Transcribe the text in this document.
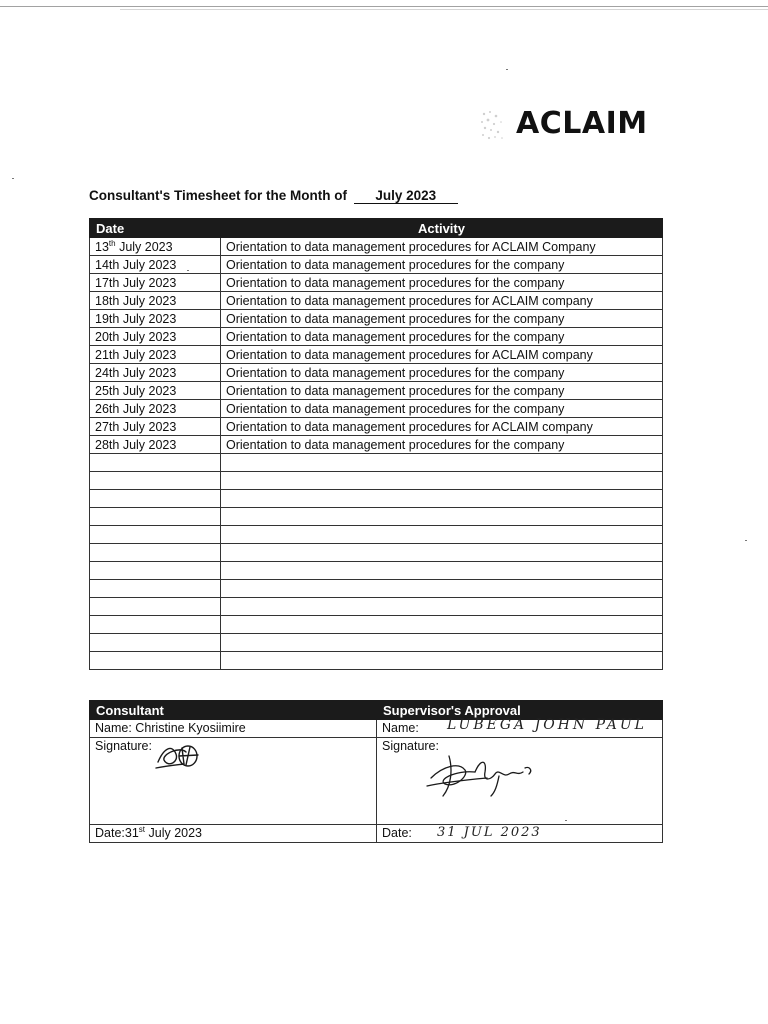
ACLAIM
Consultant's Timesheet for the Month of July 2023
Date	Activity
13th July 2023	Orientation to data management procedures for ACLAIM Company
14th July 2023	Orientation to data management procedures for the company
17th July 2023	Orientation to data management procedures for the company
18th July 2023	Orientation to data management procedures for ACLAIM company
19th July 2023	Orientation to data management procedures for the company
20th July 2023	Orientation to data management procedures for the company
21th July 2023	Orientation to data management procedures for ACLAIM company
24th July 2023	Orientation to data management procedures for the company
25th July 2023	Orientation to data management procedures for the company
26th July 2023	Orientation to data management procedures for the company
27th July 2023	Orientation to data management procedures for ACLAIM company
28th July 2023	Orientation to data management procedures for the company

Consultant	Supervisor's Approval
Name: Christine Kyosiimire	Name: LUBEGA JOHN PAUL

Signature:	Signature:

Date:31st July 2023	Date: 31 JUL 2023
